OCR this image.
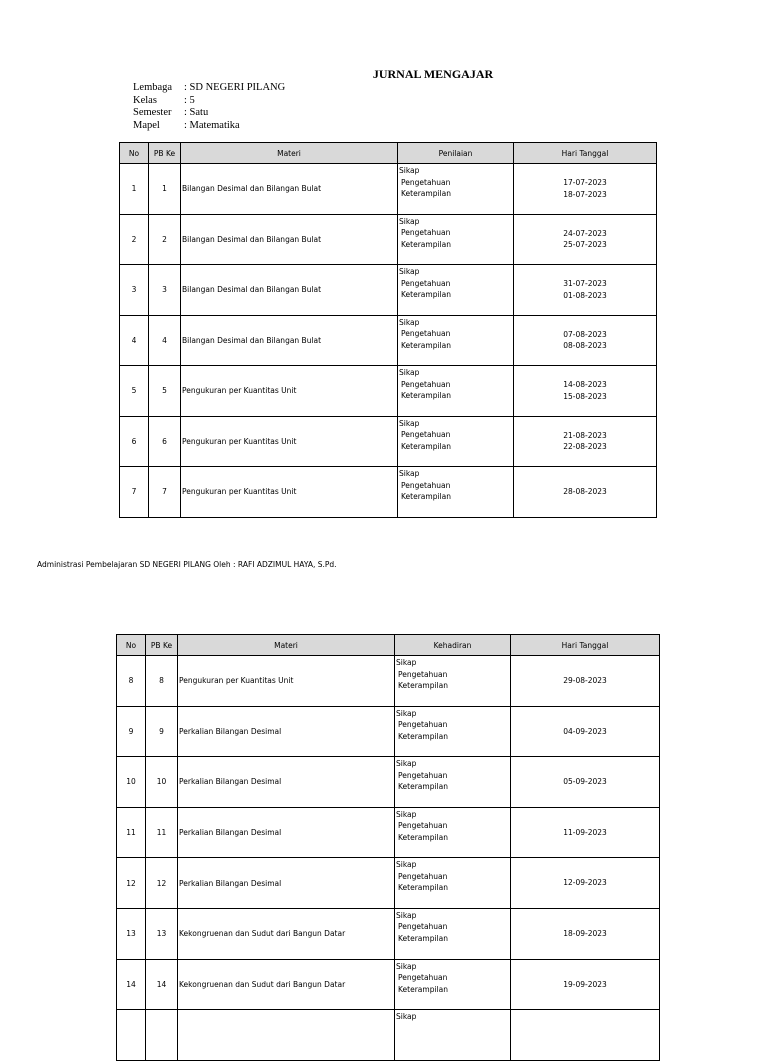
JURNAL MENGAJAR
Lembaga	: SD NEGERI PILANG
Kelas	: 5
Semester	: Satu
Mapel	: Matematika
No	PB Ke	Materi	Penilaian	Hari Tanggal
1	1	Bilangan Desimal dan Bilangan Bulat	Sikap
Pengetahuan
Keterampilan	17-07-2023
18-07-2023

2	2	Bilangan Desimal dan Bilangan Bulat	Sikap
Pengetahuan
Keterampilan	24-07-2023
25-07-2023

3	3	Bilangan Desimal dan Bilangan Bulat	Sikap
Pengetahuan
Keterampilan	31-07-2023
01-08-2023

4	4	Bilangan Desimal dan Bilangan Bulat	Sikap
Pengetahuan
Keterampilan	07-08-2023
08-08-2023

5	5	Pengukuran per Kuantitas Unit	Sikap
Pengetahuan
Keterampilan	14-08-2023
15-08-2023

6	6	Pengukuran per Kuantitas Unit	Sikap
Pengetahuan
Keterampilan	21-08-2023
22-08-2023

7	7	Pengukuran per Kuantitas Unit	Sikap
Pengetahuan
Keterampilan	28-08-2023
Administrasi Pembelajaran SD NEGERI PILANG Oleh : RAFI ADZIMUL HAYA, S.Pd.
No	PB Ke	Materi	Kehadiran	Hari Tanggal
8	8	Pengukuran per Kuantitas Unit	Sikap
Pengetahuan
Keterampilan	29-08-2023

9	9	Perkalian Bilangan Desimal	Sikap
Pengetahuan
Keterampilan	04-09-2023

10	10	Perkalian Bilangan Desimal	Sikap
Pengetahuan
Keterampilan	05-09-2023

11	11	Perkalian Bilangan Desimal	Sikap
Pengetahuan
Keterampilan	11-09-2023

12	12	Perkalian Bilangan Desimal	Sikap
Pengetahuan
Keterampilan	12-09-2023

13	13	Kekongruenan dan Sudut dari Bangun Datar	Sikap
Pengetahuan
Keterampilan	18-09-2023

14	14	Kekongruenan dan Sudut dari Bangun Datar	Sikap
Pengetahuan
Keterampilan	19-09-2023

			Sikap	
